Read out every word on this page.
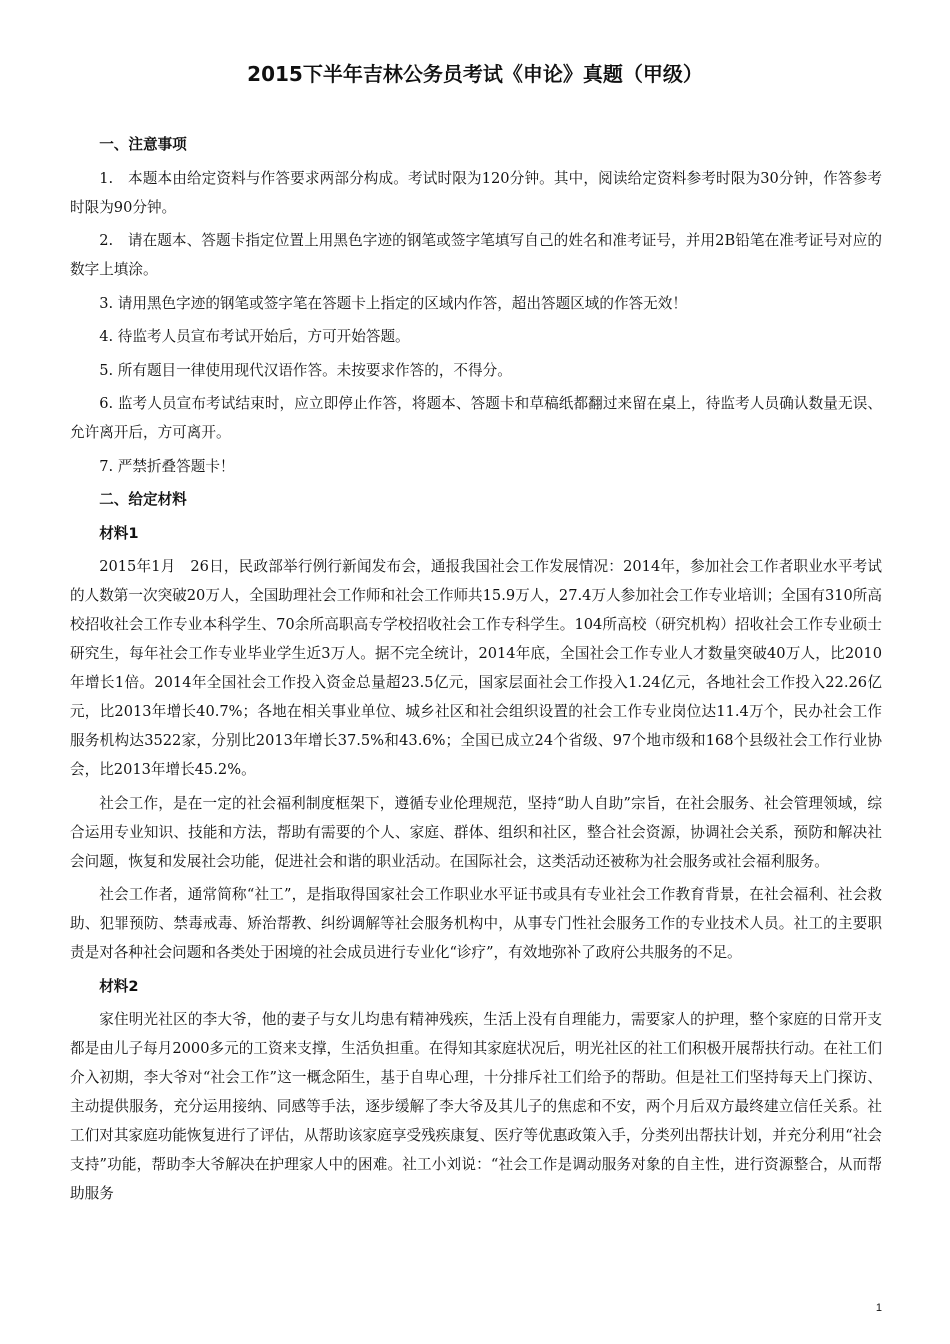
2015下半年吉林公务员考试《申论》真题（甲级）

一、注意事项

1.　本题本由给定资料与作答要求两部分构成。考试时限为120分钟。其中，阅读给定资料参考时限为30分钟，作答参考时限为90分钟。

2.　请在题本、答题卡指定位置上用黑色字迹的钢笔或签字笔填写自己的姓名和准考证号，并用2B铅笔在准考证号对应的数字上填涂。

3. 请用黑色字迹的钢笔或签字笔在答题卡上指定的区域内作答，超出答题区域的作答无效！

4. 待监考人员宣布考试开始后，方可开始答题。

5. 所有题目一律使用现代汉语作答。未按要求作答的，不得分。

6. 监考人员宣布考试结束时，应立即停止作答，将题本、答题卡和草稿纸都翻过来留在桌上，待监考人员确认数量无误、允许离开后，方可离开。

7. 严禁折叠答题卡！

二、给定材料

材料1

2015年1月　26日，民政部举行例行新闻发布会，通报我国社会工作发展情况：2014年，参加社会工作者职业水平考试的人数第一次突破20万人，全国助理社会工作师和社会工作师共15.9万人，27.4万人参加社会工作专业培训；全国有310所高校招收社会工作专业本科学生、70余所高职高专学校招收社会工作专科学生。104所高校（研究机构）招收社会工作专业硕士研究生，每年社会工作专业毕业学生近3万人。据不完全统计，2014年底，全国社会工作专业人才数量突破40万人，比2010年增长1倍。2014年全国社会工作投入资金总量超23.5亿元，国家层面社会工作投入1.24亿元，各地社会工作投入22.26亿元，比2013年增长40.7%；各地在相关事业单位、城乡社区和社会组织设置的社会工作专业岗位达11.4万个，民办社会工作服务机构达3522家，分别比2013年增长37.5%和43.6%；全国已成立24个省级、97个地市级和168个县级社会工作行业协会，比2013年增长45.2%。

社会工作，是在一定的社会福利制度框架下，遵循专业伦理规范，坚持“助人自助”宗旨，在社会服务、社会管理领域，综合运用专业知识、技能和方法，帮助有需要的个人、家庭、群体、组织和社区，整合社会资源，协调社会关系，预防和解决社会问题，恢复和发展社会功能，促进社会和谐的职业活动。在国际社会，这类活动还被称为社会服务或社会福利服务。

社会工作者，通常简称“社工”，是指取得国家社会工作职业水平证书或具有专业社会工作教育背景，在社会福利、社会救助、犯罪预防、禁毒戒毒、矫治帮教、纠纷调解等社会服务机构中，从事专门性社会服务工作的专业技术人员。社工的主要职责是对各种社会问题和各类处于困境的社会成员进行专业化“诊疗”，有效地弥补了政府公共服务的不足。

材料2

家住明光社区的李大爷，他的妻子与女儿均患有精神残疾，生活上没有自理能力，需要家人的护理，整个家庭的日常开支都是由儿子每月2000多元的工资来支撑，生活负担重。在得知其家庭状况后，明光社区的社工们积极开展帮扶行动。在社工们介入初期，李大爷对“社会工作”这一概念陌生，基于自卑心理，十分排斥社工们给予的帮助。但是社工们坚持每天上门探访、主动提供服务，充分运用接纳、同感等手法，逐步缓解了李大爷及其儿子的焦虑和不安，两个月后双方最终建立信任关系。社工们对其家庭功能恢复进行了评估，从帮助该家庭享受残疾康复、医疗等优惠政策入手，分类列出帮扶计划，并充分利用“社会支持”功能，帮助李大爷解决在护理家人中的困难。社工小刘说：“社会工作是调动服务对象的自主性，进行资源整合，从而帮助服务

1
